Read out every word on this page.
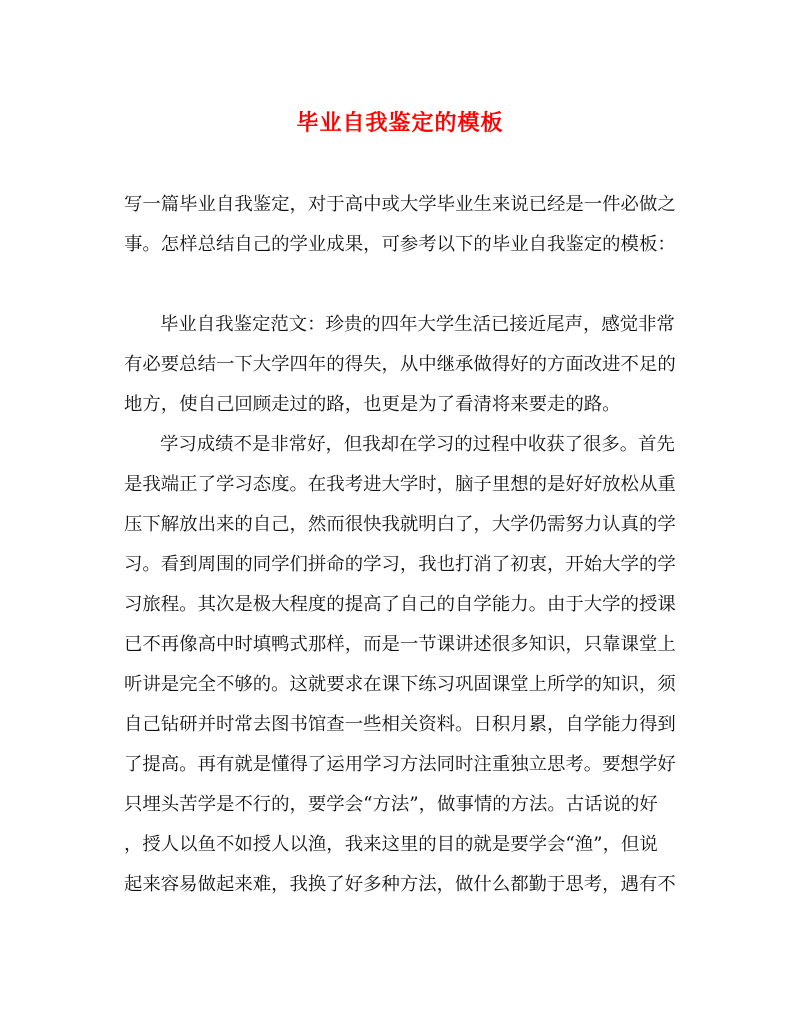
毕业自我鉴定的模板
写一篇毕业自我鉴定，对于高中或大学毕业生来说已经是一件必做之
事。怎样总结自己的学业成果，可参考以下的毕业自我鉴定的模板：
毕业自我鉴定范文：珍贵的四年大学生活已接近尾声，感觉非常
有必要总结一下大学四年的得失，从中继承做得好的方面改进不足的
地方，使自己回顾走过的路，也更是为了看清将来要走的路。
学习成绩不是非常好，但我却在学习的过程中收获了很多。首先
是我端正了学习态度。在我考进大学时，脑子里想的是好好放松从重
压下解放出来的自己，然而很快我就明白了，大学仍需努力认真的学
习。看到周围的同学们拼命的学习，我也打消了初衷，开始大学的学
习旅程。其次是极大程度的提高了自己的自学能力。由于大学的授课
已不再像高中时填鸭式那样，而是一节课讲述很多知识，只靠课堂上
听讲是完全不够的。这就要求在课下练习巩固课堂上所学的知识，须
自己钻研并时常去图书馆查一些相关资料。日积月累，自学能力得到
了提高。再有就是懂得了运用学习方法同时注重独立思考。要想学好
只埋头苦学是不行的，要学会“方法”，做事情的方法。古话说的好
，授人以鱼不如授人以渔，我来这里的目的就是要学会“渔”，但说
起来容易做起来难，我换了好多种方法，做什么都勤于思考，遇有不
